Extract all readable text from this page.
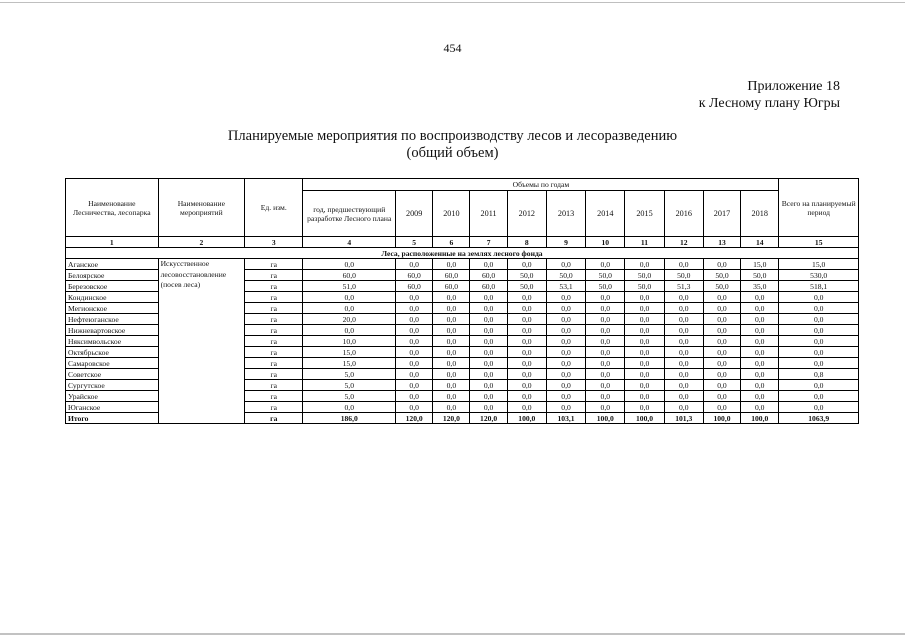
454
Приложение 18
к Лесному плану Югры
Планируемые мероприятия по воспроизводству лесов и лесоразведению
(общий объем)
Наименование Лесничества, лесопарка	Наименование мероприятий	Ед. изм.	Объемы по годам											Всего на планируемый период
			год, предшествующий разработке Лесного плана	2009	2010	2011	2012	2013	2014	2015	2016	2017	2018	
1	2	3	4	5	6	7	8	9	10	11	12	13	14	15
Леса, расположенные на землях лесного фонда														
Аганское	Искусственное лесовосстановление (посев леса)	га	0,0	0,0	0,0	0,0	0,0	0,0	0,0	0,0	0,0	0,0	15,0	15,0
Белоярское		га	60,0	60,0	60,0	60,0	50,0	50,0	50,0	50,0	50,0	50,0	50,0	530,0
Березовское		га	51,0	60,0	60,0	60,0	50,0	53,1	50,0	50,0	51,3	50,0	35,0	518,1
Кондинское		га	0,0	0,0	0,0	0,0	0,0	0,0	0,0	0,0	0,0	0,0	0,0	0,0
Мегионское		га	0,0	0,0	0,0	0,0	0,0	0,0	0,0	0,0	0,0	0,0	0,0	0,0
Нефтеюганское		га	20,0	0,0	0,0	0,0	0,0	0,0	0,0	0,0	0,0	0,0	0,0	0,0
Нижневартовское		га	0,0	0,0	0,0	0,0	0,0	0,0	0,0	0,0	0,0	0,0	0,0	0,0
Няксимвольское		га	10,0	0,0	0,0	0,0	0,0	0,0	0,0	0,0	0,0	0,0	0,0	0,0
Октябрьское		га	15,0	0,0	0,0	0,0	0,0	0,0	0,0	0,0	0,0	0,0	0,0	0,0
Самаровское		га	15,0	0,0	0,0	0,0	0,0	0,0	0,0	0,0	0,0	0,0	0,0	0,0
Советское		га	5,0	0,0	0,0	0,0	0,0	0,0	0,0	0,0	0,0	0,0	0,0	0,8
Сургутское		га	5,0	0,0	0,0	0,0	0,0	0,0	0,0	0,0	0,0	0,0	0,0	0,0
Урайское		га	5,0	0,0	0,0	0,0	0,0	0,0	0,0	0,0	0,0	0,0	0,0	0,0
Юганское		га	0,0	0,0	0,0	0,0	0,0	0,0	0,0	0,0	0,0	0,0	0,0	0,0
Итого		га	186,0	120,0	120,0	120,0	100,0	103,1	100,0	100,0	101,3	100,0	100,0	1063,9
